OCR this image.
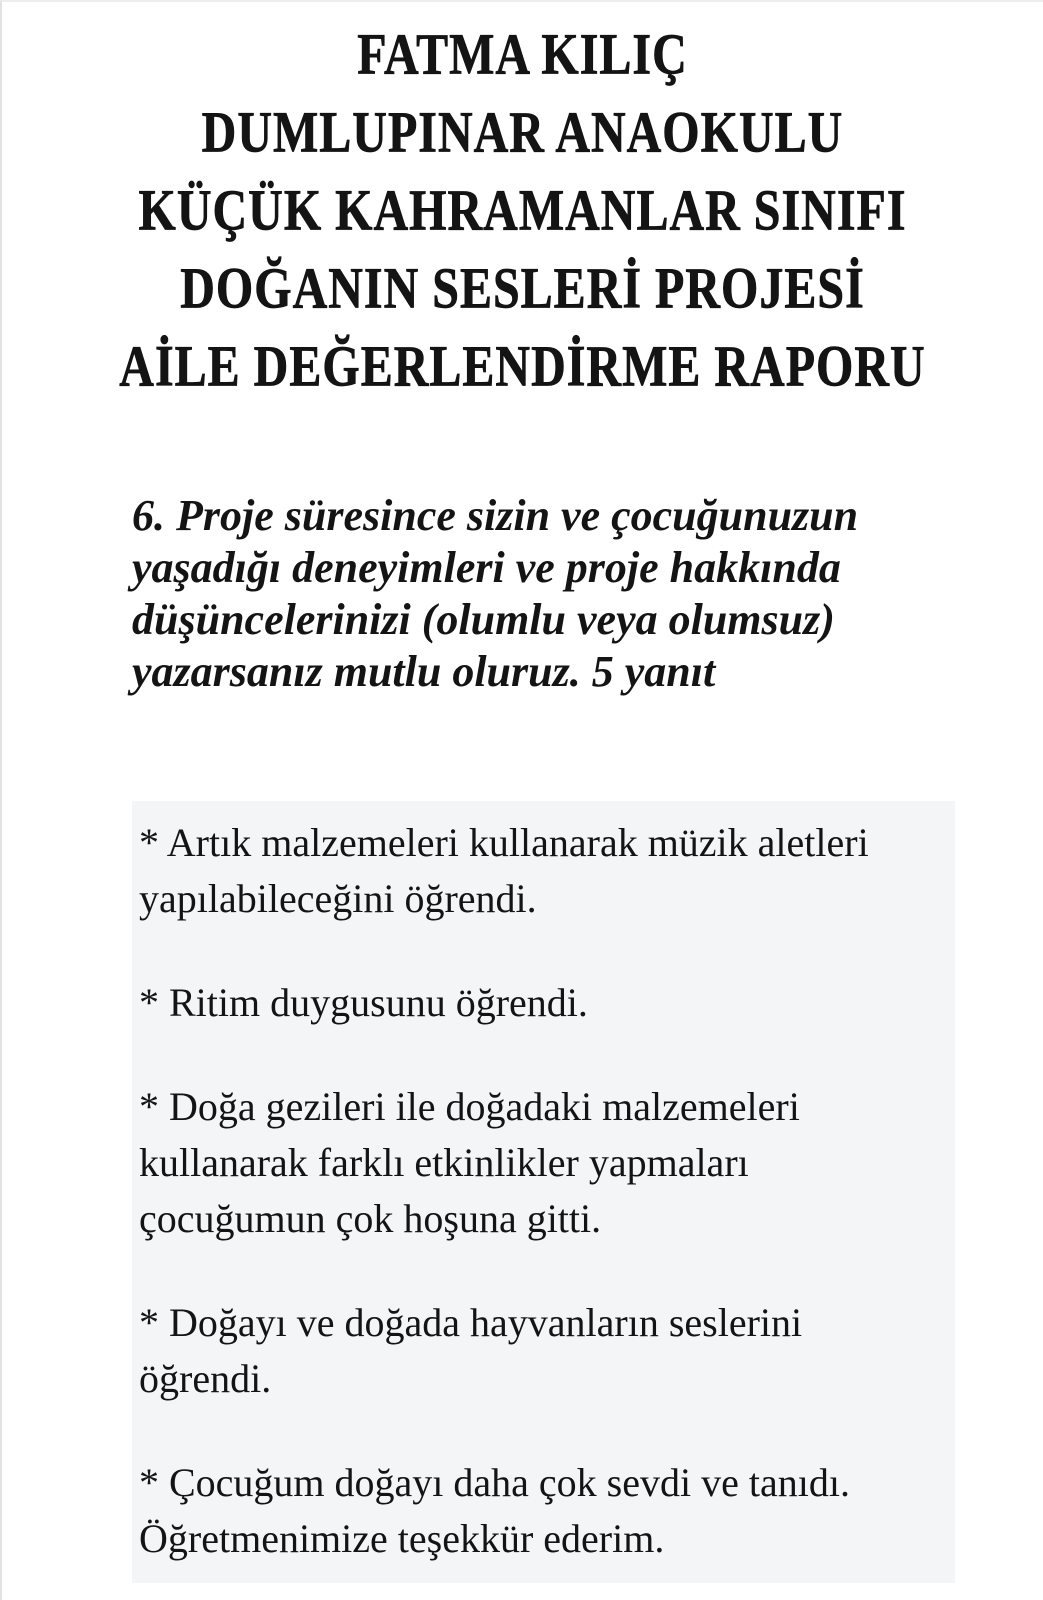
FATMA KILIÇ
DUMLUPINAR ANAOKULU
KÜÇÜK KAHRAMANLAR SINIFI
DOĞANIN SESLERİ PROJESİ
AİLE DEĞERLENDİRME RAPORU
6. Proje süresince sizin ve çocuğunuzun
yaşadığı deneyimleri ve proje hakkında
düşüncelerinizi (olumlu veya olumsuz)
yazarsanız mutlu oluruz. 5 yanıt
* Artık malzemeleri kullanarak müzik aletleri
yapılabileceğini öğrendi.
* Ritim duygusunu öğrendi.
* Doğa gezileri ile doğadaki malzemeleri
kullanarak farklı etkinlikler yapmaları
çocuğumun çok hoşuna gitti.
* Doğayı ve doğada hayvanların seslerini
öğrendi.
* Çocuğum doğayı daha çok sevdi ve tanıdı.
Öğretmenimize teşekkür ederim.
